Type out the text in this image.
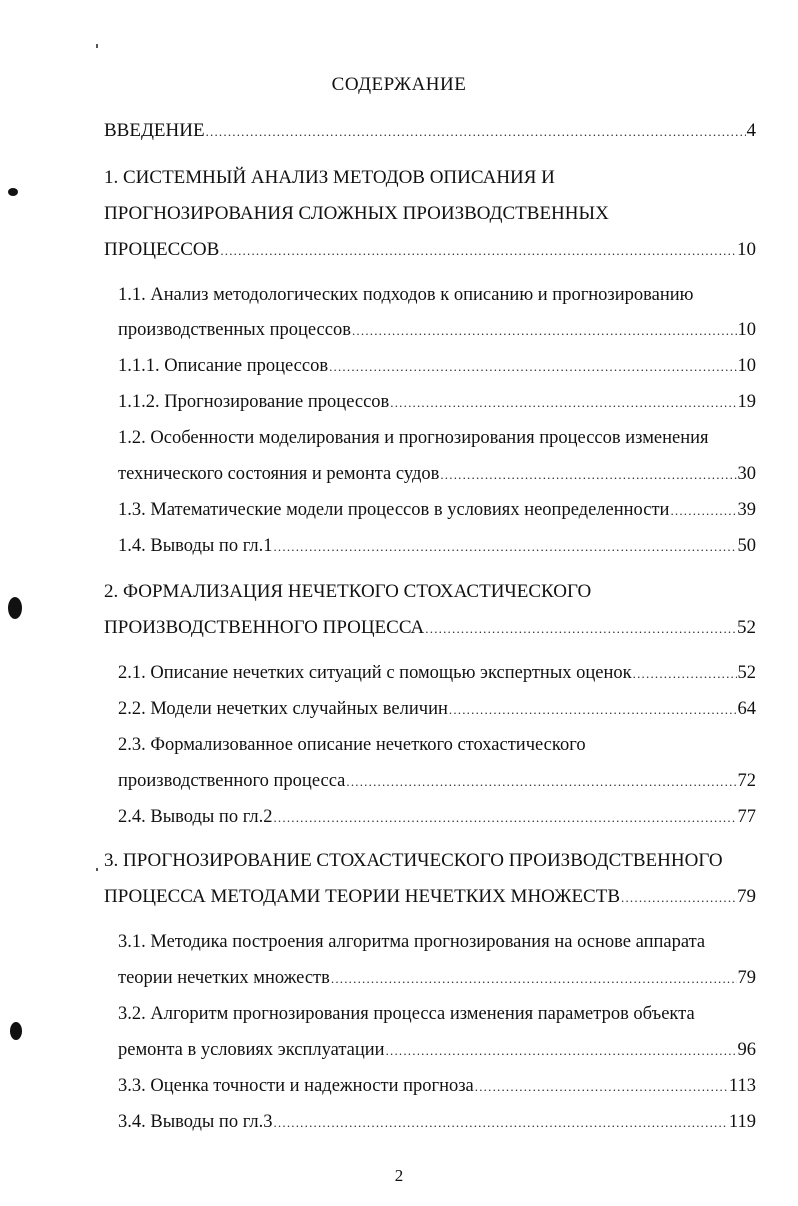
СОДЕРЖАНИЕ
ВВЕДЕНИЕ .....	4
1. СИСТЕМНЫЙ АНАЛИЗ МЕТОДОВ ОПИСАНИЯ И
ПРОГНОЗИРОВАНИЯ СЛОЖНЫХ ПРОИЗВОДСТВЕННЫХ
ПРОЦЕССОВ .....	10
1.1. Анализ методологических подходов к описанию и прогнозированию
производственных процессов .....	10
1.1.1. Описание процессов .....	10
1.1.2. Прогнозирование процессов .....	19
1.2. Особенности моделирования и прогнозирования процессов изменения
технического состояния и ремонта судов .....	30
1.3. Математические модели процессов в условиях неопределенности .....	39
1.4. Выводы по гл.1 .....	50
2. ФОРМАЛИЗАЦИЯ НЕЧЕТКОГО СТОХАСТИЧЕСКОГО
ПРОИЗВОДСТВЕННОГО ПРОЦЕССА .....	52
2.1. Описание нечетких ситуаций с помощью экспертных оценок .....	52
2.2. Модели нечетких случайных величин .....	64
2.3. Формализованное описание нечеткого стохастического
производственного процесса .....	72
2.4. Выводы по гл.2 .....	77
3. ПРОГНОЗИРОВАНИЕ СТОХАСТИЧЕСКОГО ПРОИЗВОДСТВЕННОГО
ПРОЦЕССА МЕТОДАМИ ТЕОРИИ НЕЧЕТКИХ МНОЖЕСТВ .....	79
3.1. Методика построения алгоритма прогнозирования на основе аппарата
теории нечетких множеств .....	79
3.2. Алгоритм прогнозирования процесса изменения параметров объекта
ремонта в условиях эксплуатации .....	96
3.3. Оценка точности и надежности прогноза .....	113
3.4. Выводы по гл.3 .....	119
2
